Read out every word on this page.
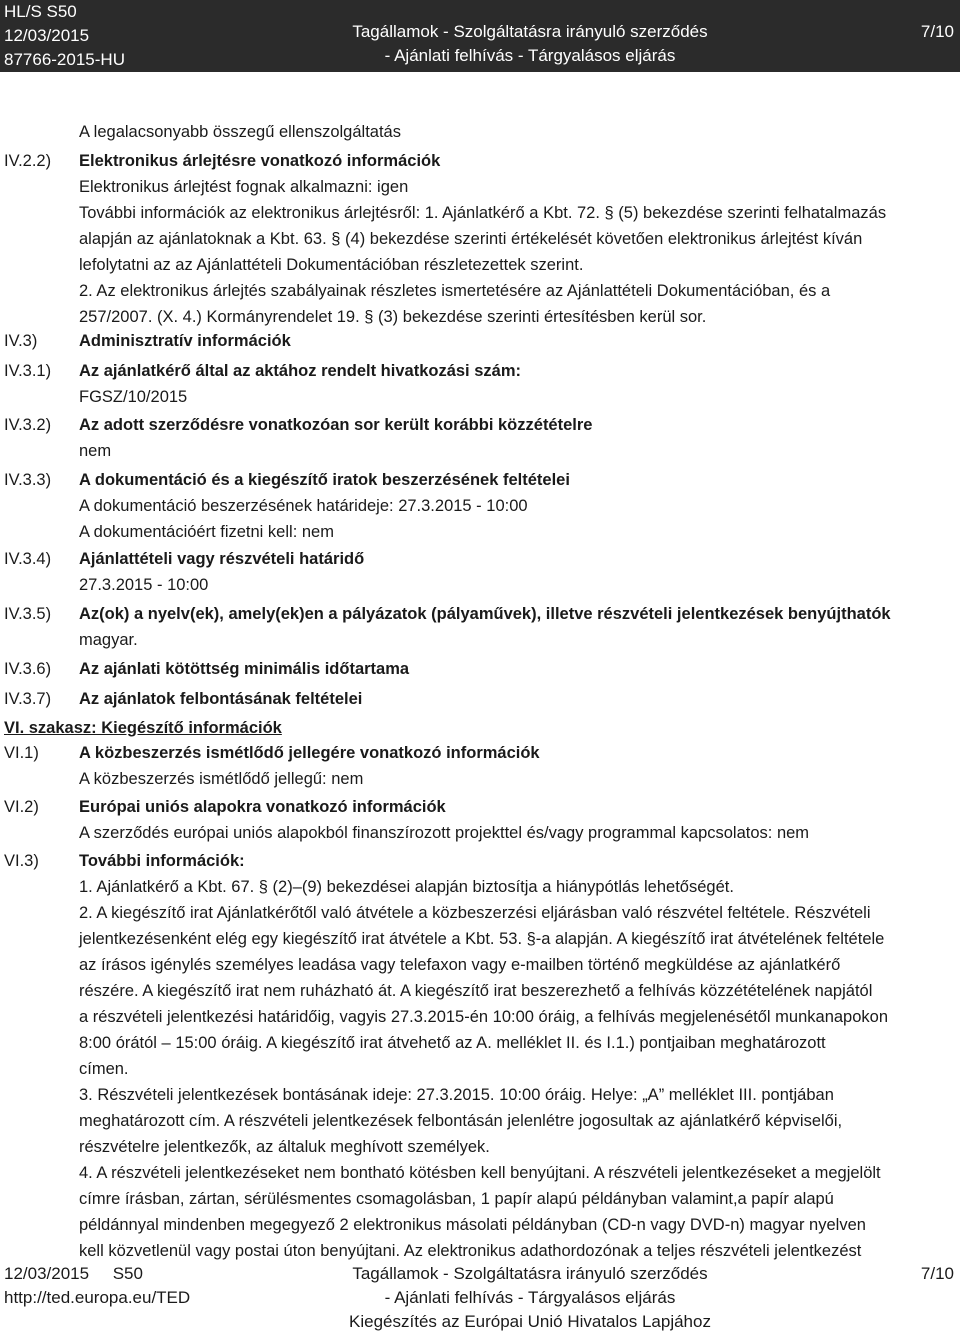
HL/S S50
12/03/2015
87766-2015-HU
Tagállamok - Szolgáltatásra irányuló szerződés
- Ajánlati felhívás - Tárgyalásos eljárás
7/10
A legalacsonyabb összegű ellenszolgáltatás
IV.2.2) Elektronikus árlejtésre vonatkozó információk
Elektronikus árlejtést fognak alkalmazni: igen
További információk az elektronikus árlejtésről: 1. Ajánlatkérő a Kbt. 72. § (5) bekezdése szerinti felhatalmazás
alapján az ajánlatoknak a Kbt. 63. § (4) bekezdése szerinti értékelését követően elektronikus árlejtést kíván
lefolytatni az az Ajánlattételi Dokumentációban részletezettek szerint.
2. Az elektronikus árlejtés szabályainak részletes ismertetésére az Ajánlattételi Dokumentációban, és a
257/2007. (X. 4.) Kormányrendelet 19. § (3) bekezdése szerinti értesítésben kerül sor.
IV.3)	Adminisztratív információk
IV.3.1) Az ajánlatkérő által az aktához rendelt hivatkozási szám:
FGSZ/10/2015
IV.3.2) Az adott szerződésre vonatkozóan sor került korábbi közzétételre
nem
IV.3.3) A dokumentáció és a kiegészítő iratok beszerzésének feltételei
A dokumentáció beszerzésének határideje: 27.3.2015 - 10:00
A dokumentációért fizetni kell: nem
IV.3.4) Ajánlattételi vagy részvételi határidő
27.3.2015 - 10:00
IV.3.5) Az(ok) a nyelv(ek), amely(ek)en a pályázatok (pályaművek), illetve részvételi jelentkezések benyújthatók
magyar.
IV.3.6) Az ajánlati kötöttség minimális időtartama
IV.3.7) Az ajánlatok felbontásának feltételei
VI. szakasz: Kiegészítő információk
VI.1) A közbeszerzés ismétlődő jellegére vonatkozó információk
A közbeszerzés ismétlődő jellegű: nem
VI.2) Európai uniós alapokra vonatkozó információk
A szerződés európai uniós alapokból finanszírozott projekttel és/vagy programmal kapcsolatos: nem
VI.3) További információk:
1. Ajánlatkérő a Kbt. 67. § (2)–(9) bekezdései alapján biztosítja a hiánypótlás lehetőségét.
2. A kiegészítő irat Ajánlatkérőtől való átvétele a közbeszerzési eljárásban való részvétel feltétele. Részvételi
jelentkezésenként elég egy kiegészítő irat átvétele a Kbt. 53. §-a alapján. A kiegészítő irat átvételének feltétele
az írásos igénylés személyes leadása vagy telefaxon vagy e-mailben történő megküldése az ajánlatkérő
részére. A kiegészítő irat nem ruházható át. A kiegészítő irat beszerezhető a felhívás közzétételének napjától
a részvételi jelentkezési határidőig, vagyis 27.3.2015-én 10:00 óráig, a felhívás megjelenésétől munkanapokon
8:00 órától – 15:00 óráig. A kiegészítő irat átvehető az A. melléklet II. és I.1.) pontjaiban meghatározott
címen.
3. Részvételi jelentkezések bontásának ideje: 27.3.2015. 10:00 óráig. Helye: „A” melléklet III. pontjában
meghatározott cím. A részvételi jelentkezések felbontásán jelenlétre jogosultak az ajánlatkérő képviselői,
részvételre jelentkezők, az általuk meghívott személyek.
4. A részvételi jelentkezéseket nem bontható kötésben kell benyújtani. A részvételi jelentkezéseket a megjelölt
címre írásban, zártan, sérülésmentes csomagolásban, 1 papír alapú példányban valamint,a papír alapú
példánnyal mindenben megegyező 2 elektronikus másolati példányban (CD-n vagy DVD-n) magyar nyelven
kell közvetlenül vagy postai úton benyújtani. Az elektronikus adathordozónak a teljes részvételi jelentkezést
12/03/2015     S50
http://ted.europa.eu/TED
Tagállamok - Szolgáltatásra irányuló szerződés
- Ajánlati felhívás - Tárgyalásos eljárás
Kiegészítés az Európai Unió Hivatalos Lapjához
7/10
